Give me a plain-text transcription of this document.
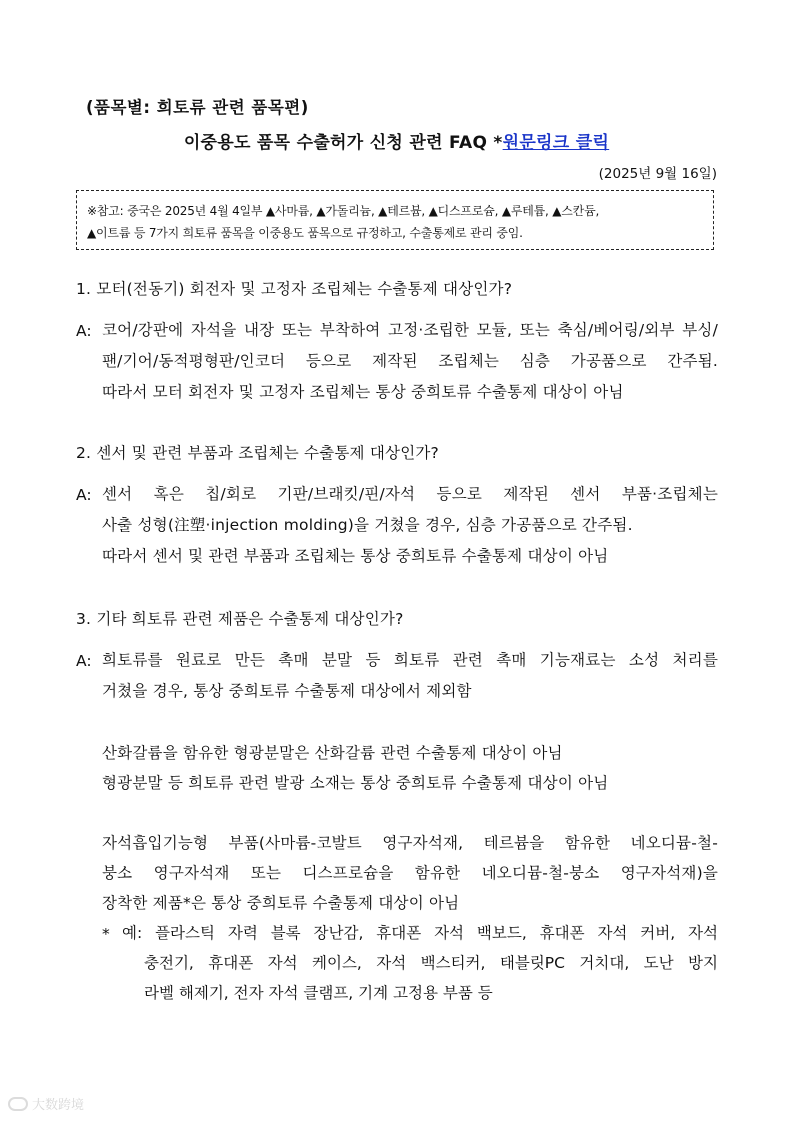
(품목별: 희토류 관련 품목편)
이중용도 품목 수출허가 신청 관련 FAQ *원문링크 클릭
(2025년 9월 16일)
※참고: 중국은 2025년 4월 4일부 ▲사마륨, ▲가돌리늄, ▲테르븀, ▲디스프로슘, ▲루테튬, ▲스칸듐,
▲이트륨 등 7가지 희토류 품목을 이중용도 품목으로 규정하고, 수출통제로 관리 중임.
1. 모터(전동기) 회전자 및 고정자 조립체는 수출통제 대상인가?
A: 코어/강판에 자석을 내장 또는 부착하여 고정·조립한 모듈, 또는 축심/베어링/외부 부싱/
팬/기어/동적평형판/인코더 등으로 제작된 조립체는 심층 가공품으로 간주됨.
따라서 모터 회전자 및 고정자 조립체는 통상 중희토류 수출통제 대상이 아님
2. 센서 및 관련 부품과 조립체는 수출통제 대상인가?
A: 센서 혹은 칩/회로 기판/브래킷/핀/자석 등으로 제작된 센서 부품·조립체는
사출 성형(注塑·injection molding)을 거쳤을 경우, 심층 가공품으로 간주됨.
따라서 센서 및 관련 부품과 조립체는 통상 중희토류 수출통제 대상이 아님
3. 기타 희토류 관련 제품은 수출통제 대상인가?
A: 희토류를 원료로 만든 촉매 분말 등 희토류 관련 촉매 기능재료는 소성 처리를
거쳤을 경우, 통상 중희토류 수출통제 대상에서 제외함
산화갈륨을 함유한 형광분말은 산화갈륨 관련 수출통제 대상이 아님
형광분말 등 희토류 관련 발광 소재는 통상 중희토류 수출통제 대상이 아님
자석흡입기능형 부품(사마륨-코발트 영구자석재, 테르븀을 함유한 네오디뮴-철-
붕소 영구자석재 또는 디스프로슘을 함유한 네오디뮴-철-붕소 영구자석재)을
장착한 제품*은 통상 중희토류 수출통제 대상이 아님
* 예: 플라스틱 자력 블록 장난감, 휴대폰 자석 백보드, 휴대폰 자석 커버, 자석
충전기, 휴대폰 자석 케이스, 자석 백스티커, 태블릿PC 거치대, 도난 방지
라벨 해제기, 전자 자석 클램프, 기계 고정용 부품 등
大数跨境
